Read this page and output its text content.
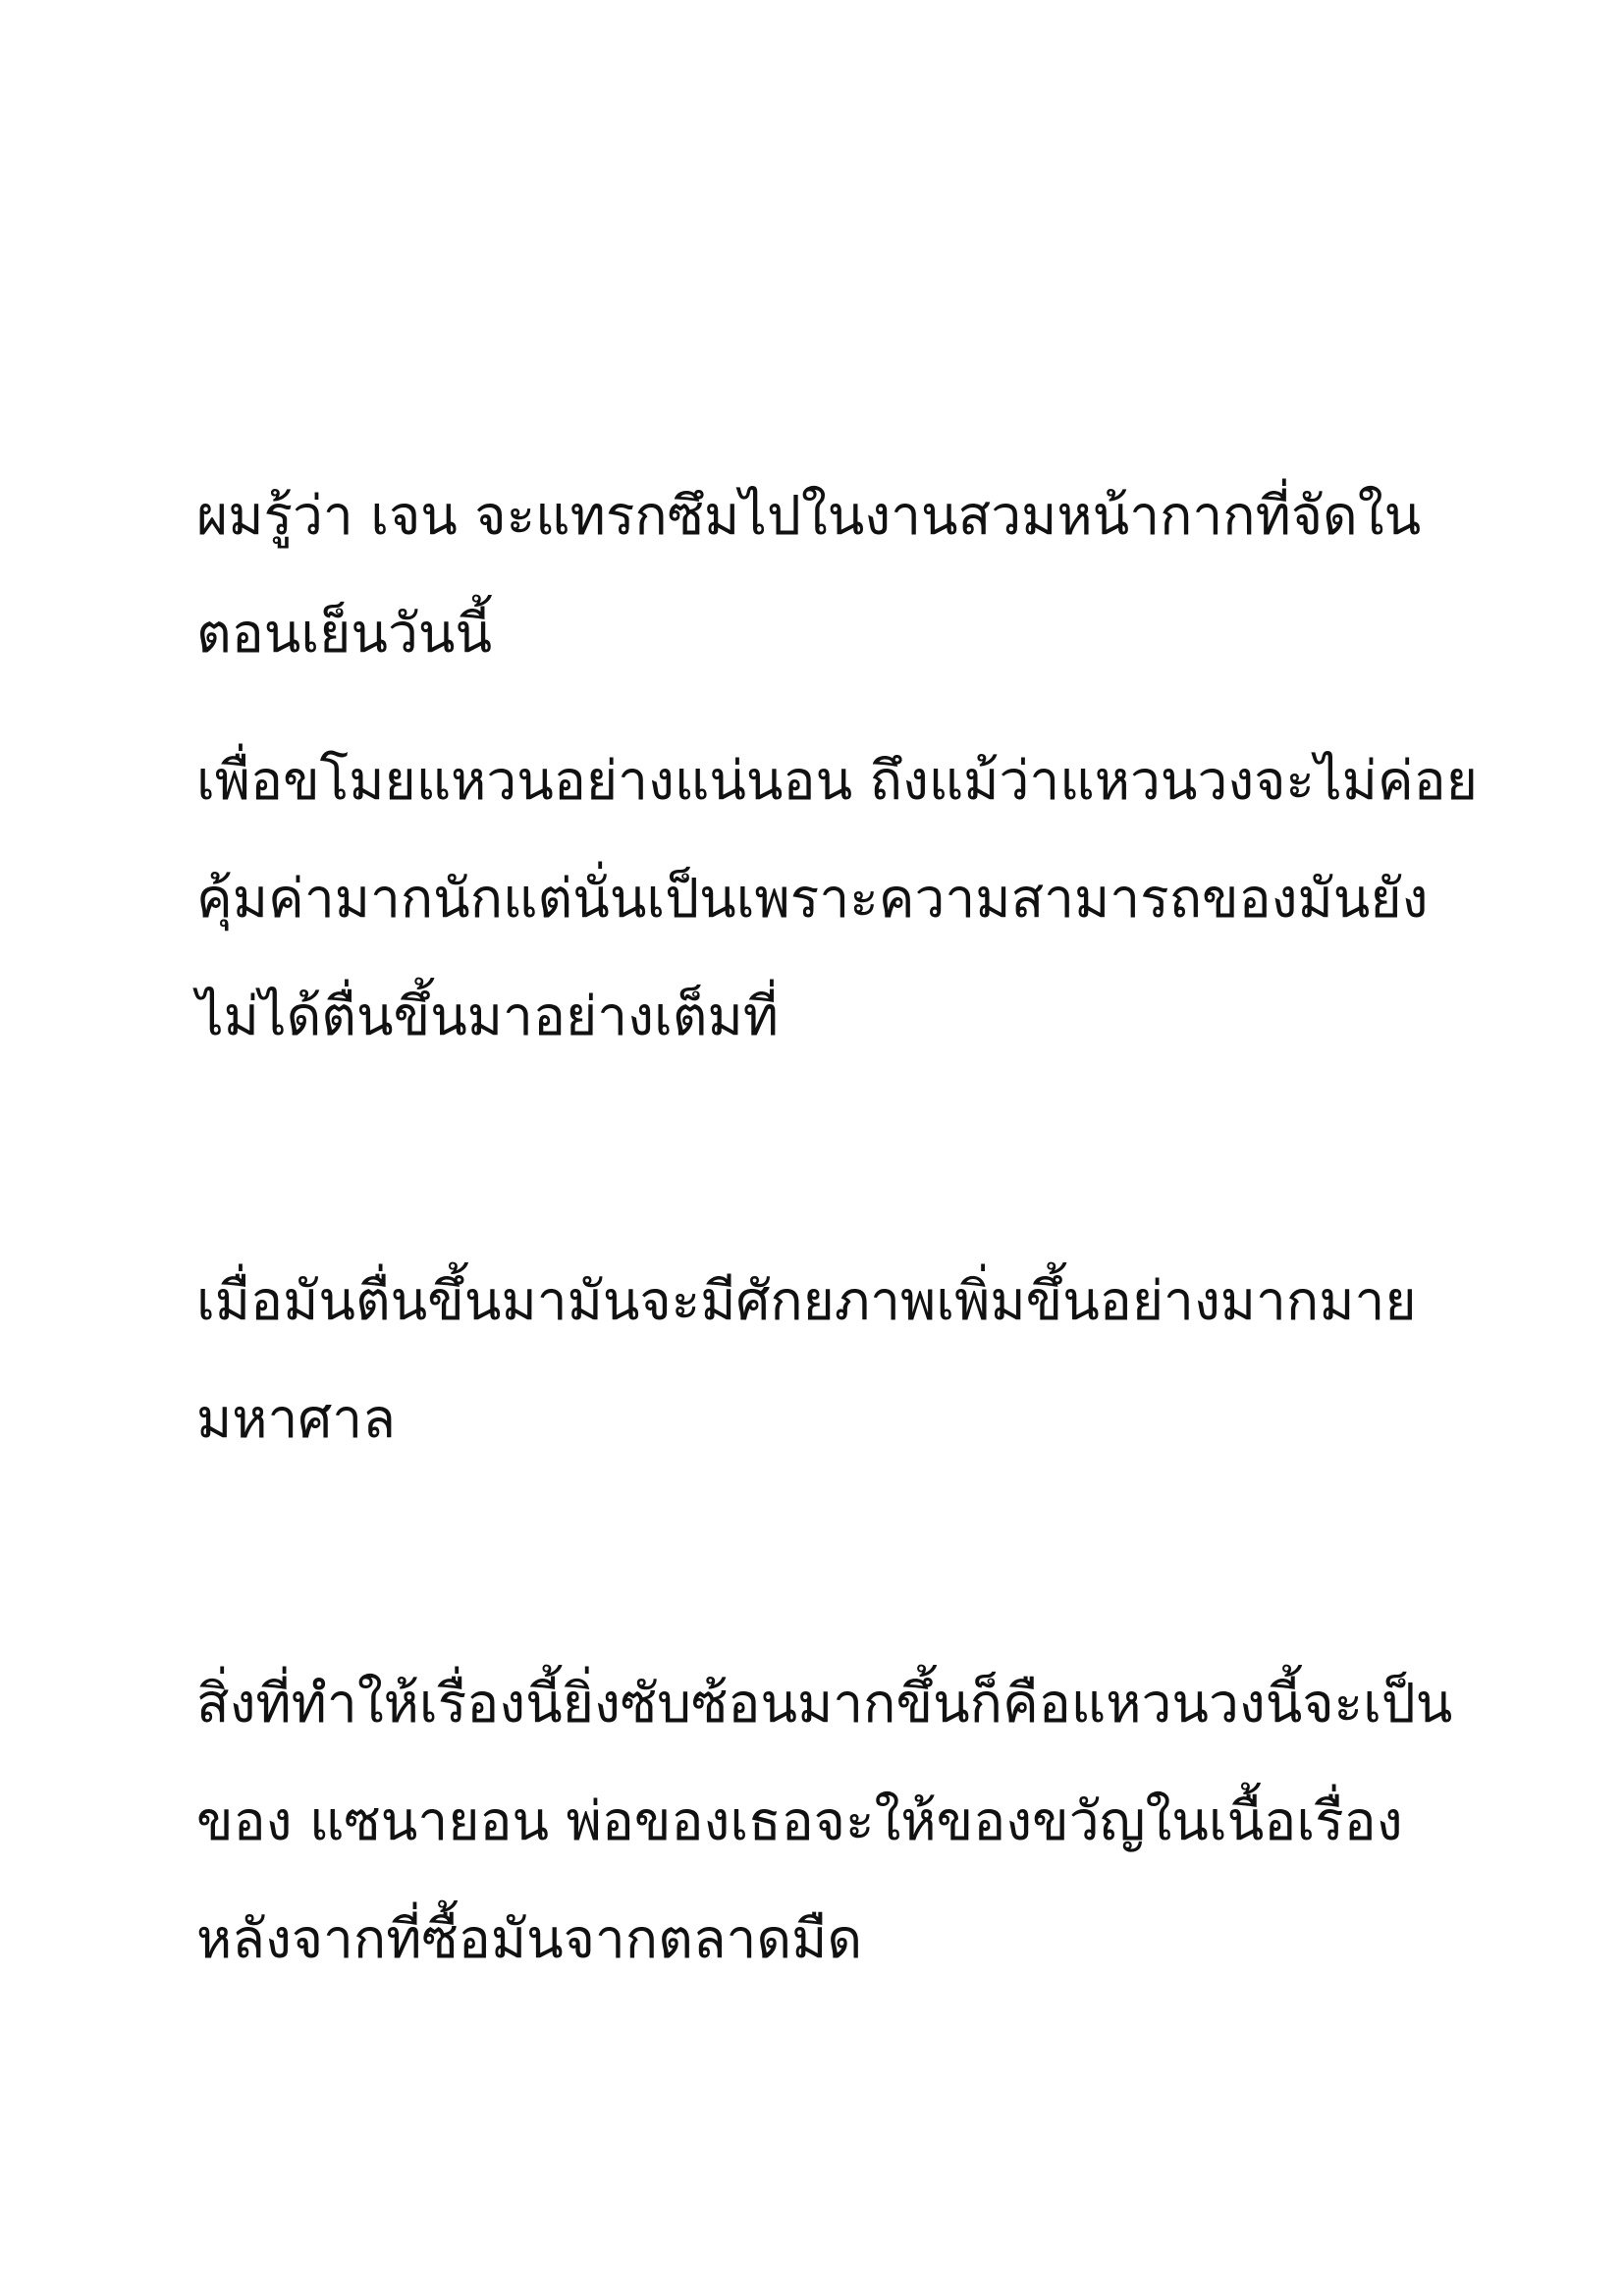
ผมรู้ว่า เจน จะแทรกซึมไปในงานสวมหน้ากากที่จัดใน
ตอนเย็นวันนี้
เพื่อขโมยแหวนอย่างแน่นอน ถึงแม้ว่าแหวนวงจะไม่ค่อย
คุ้มค่ามากนักแต่นั่นเป็นเพราะความสามารถของมันยัง
ไม่ได้ตื่นขึ้นมาอย่างเต็มที่
เมื่อมันตื่นขึ้นมามันจะมีศักยภาพเพิ่มขึ้นอย่างมากมาย
มหาศาล
สิ่งที่ทำให้เรื่องนี้ยิ่งซับซ้อนมากขึ้นก็คือแหวนวงนี้จะเป็น
ของ แซนายอน พ่อของเธอจะให้ของขวัญในเนื้อเรื่อง
หลังจากที่ซื้อมันจากตลาดมืด
